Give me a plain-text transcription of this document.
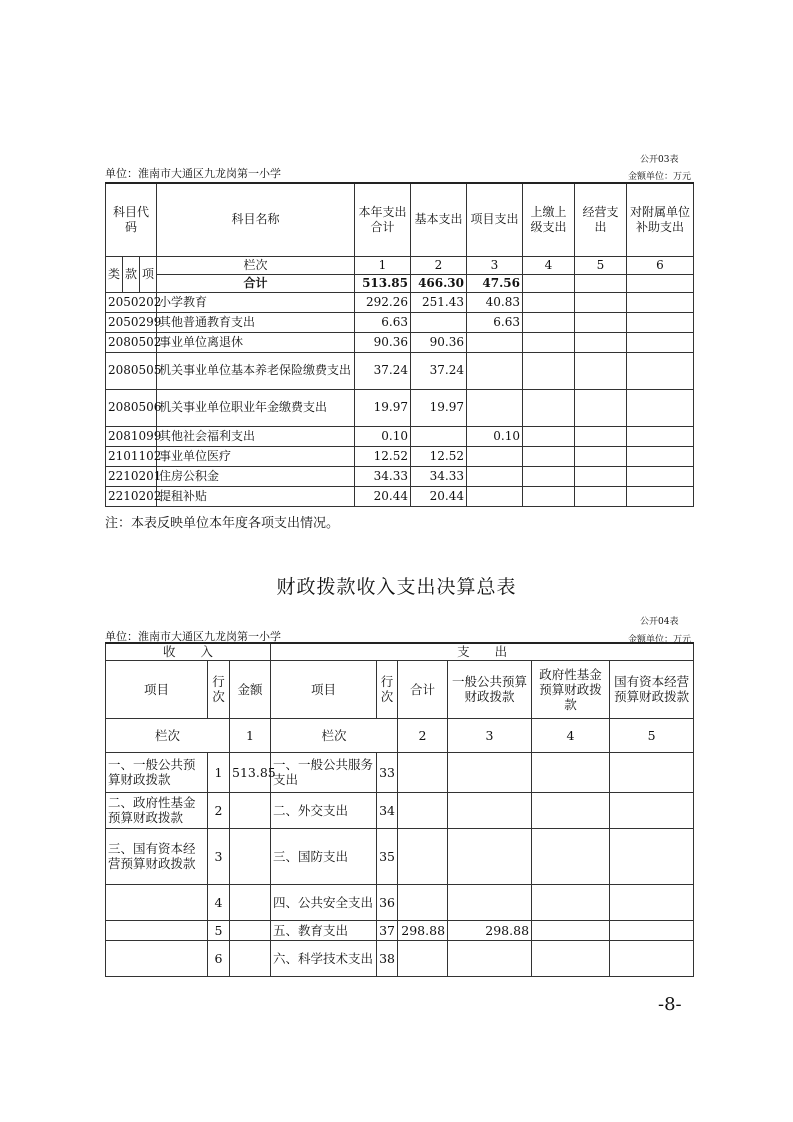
公开03表
单位：淮南市大通区九龙岗第一小学	金额单位：万元
科目代码			科目名称	本年支出合计	基本支出	项目支出	上缴上级支出	经营支出	对附属单位补助支出
类	款	项	栏次	1	2	3	4	5	6
			合计	513.85	466.30	47.56			
2050202			小学教育	292.26	251.43	40.83			
2050299			其他普通教育支出	6.63		6.63			
2080502			事业单位离退休	90.36	90.36				
2080505			机关事业单位基本养老保险缴费支出	37.24	37.24				
2080506			机关事业单位职业年金缴费支出	19.97	19.97				
2081099			其他社会福利支出	0.10		0.10			
2101102			事业单位医疗	12.52	12.52				
2210201			住房公积金	34.33	34.33				
2210202			提租补贴	20.44	20.44				
注：本表反映单位本年度各项支出情况。
财政拨款收入支出决算总表
公开04表
单位：淮南市大通区九龙岗第一小学	金额单位：万元
收　　入			支　　出					
项目	行次	金额	项目	行次	合计	一般公共预算财政拨款	政府性基金预算财政拨款	国有资本经营预算财政拨款
栏次		1	栏次		2	3	4	5
一、一般公共预算财政拨款	1	513.85	一、一般公共服务支出	33				
二、政府性基金预算财政拨款	2		二、外交支出	34				
三、国有资本经营预算财政拨款	3		三、国防支出	35				
	4		四、公共安全支出	36				
	5		五、教育支出	37	298.88	298.88		
	6		六、科学技术支出	38				
-8-
